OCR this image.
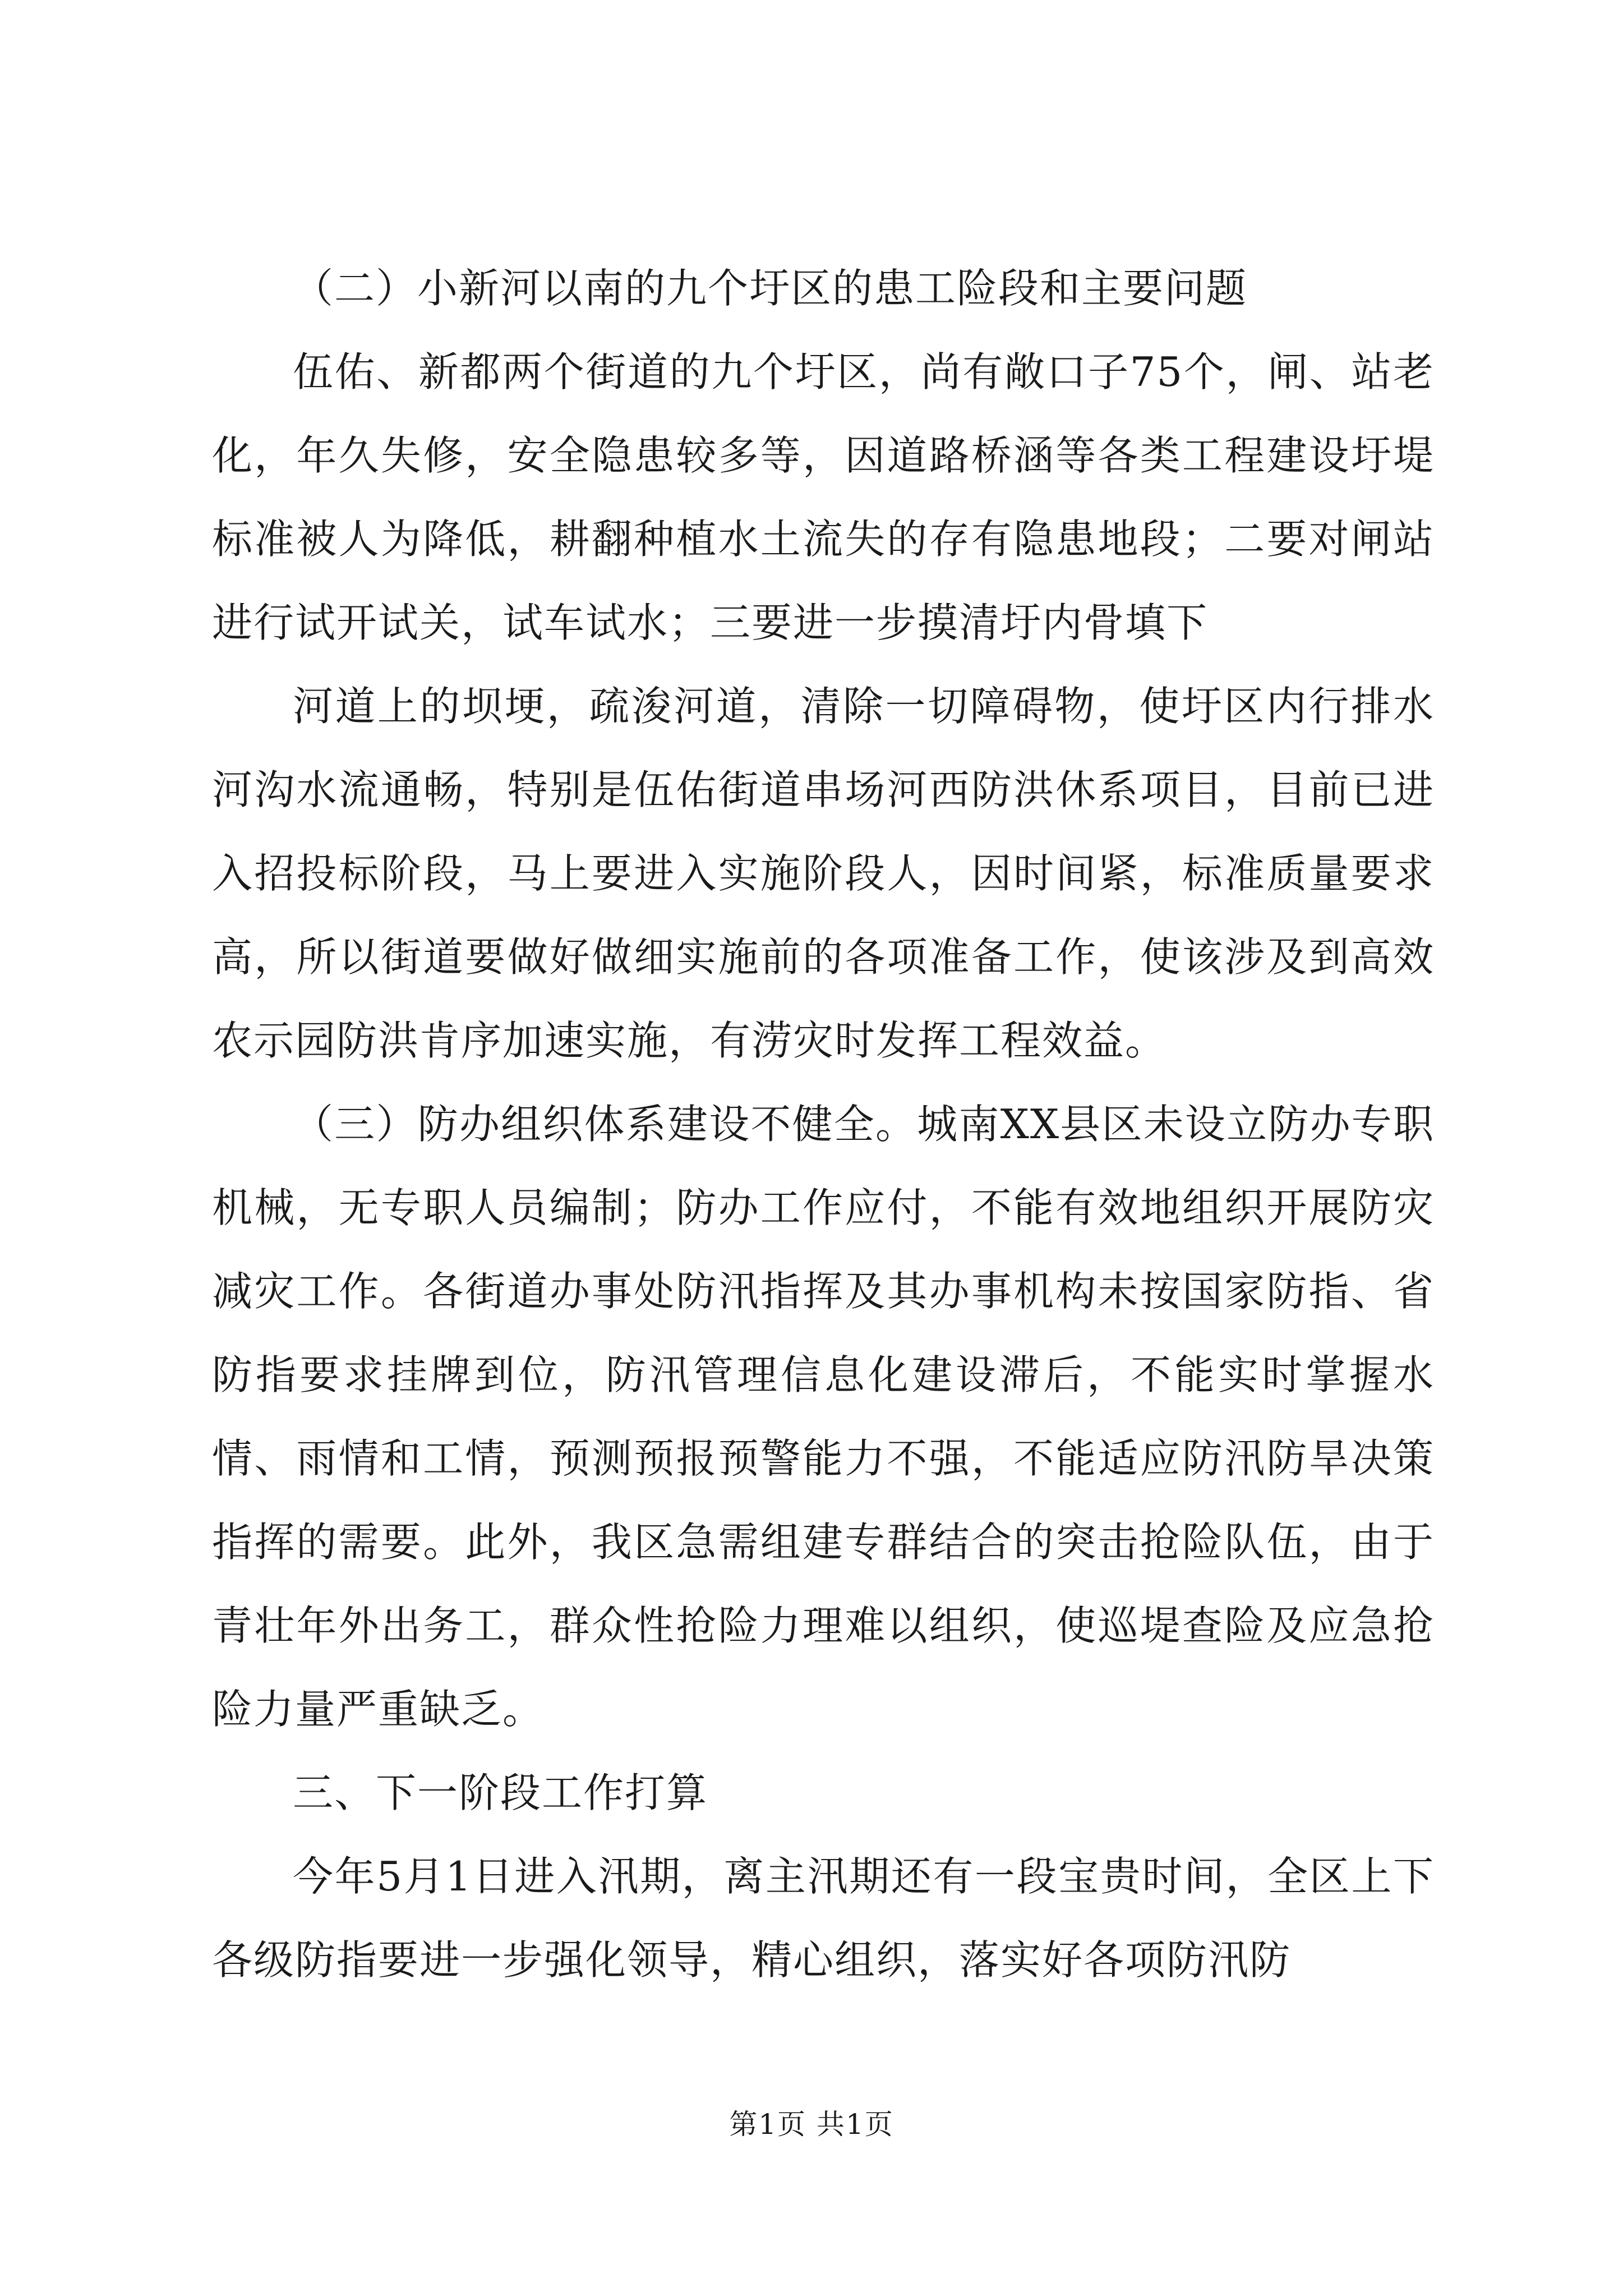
（二）小新河以南的九个圩区的患工险段和主要问题

伍佑、新都两个街道的九个圩区，尚有敞口子75个，闸、站老化，年久失修，安全隐患较多等，因道路桥涵等各类工程建设圩堤标准被人为降低，耕翻种植水土流失的存有隐患地段；二要对闸站进行试开试关，试车试水；三要进一步摸清圩内骨填下

河道上的坝埂，疏浚河道，清除一切障碍物，使圩区内行排水河沟水流通畅，特别是伍佑街道串场河西防洪休系项目，目前已进入招投标阶段，马上要进入实施阶段人，因时间紧，标准质量要求高，所以街道要做好做细实施前的各项准备工作，使该涉及到高效农示园防洪肯序加速实施，有涝灾时发挥工程效益。

（三）防办组织体系建设不健全。城南XX县区未设立防办专职机械，无专职人员编制；防办工作应付，不能有效地组织开展防灾减灾工作。各街道办事处防汛指挥及其办事机构未按国家防指、省防指要求挂牌到位，防汛管理信息化建设滞后，不能实时掌握水情、雨情和工情，预测预报预警能力不强，不能适应防汛防旱决策指挥的需要。此外，我区急需组建专群结合的突击抢险队伍，由于青壮年外出务工，群众性抢险力理难以组织，使巡堤查险及应急抢险力量严重缺乏。

三、下一阶段工作打算

今年5月1日进入汛期，离主汛期还有一段宝贵时间，全区上下各级防指要进一步强化领导，精心组织，落实好各项防汛防

第1页 共1页
